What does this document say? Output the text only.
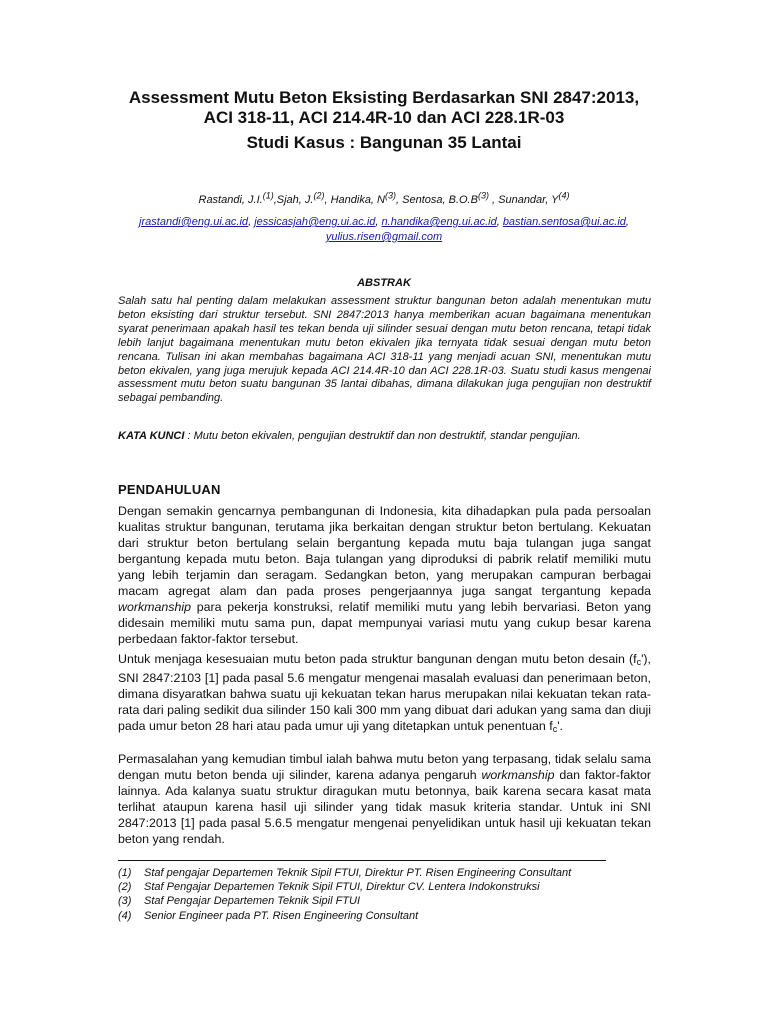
Assessment Mutu Beton Eksisting Berdasarkan SNI 2847:2013,
ACI 318-11, ACI 214.4R-10 dan ACI 228.1R-03
Studi Kasus : Bangunan 35 Lantai
Rastandi, J.I.$^{(1)}$,Sjah, J.$^{(2)}$, Handika, $N^{(3)}$, Sentosa, $B.O.B^{(3)}$ , Sunandar, $Y^{(4)}$
jrastandi@eng.ui.ac.id, jessicasjah@eng.ui.ac.id, n.handika@eng.ui.ac.id, bastian.sentosa@ui.ac.id,
yulius.risen@gmail.com
ABSTRAK
Salah satu hal penting dalam melakukan assessment struktur bangunan beton adalah menentukan mutu beton eksisting dari struktur tersebut. SNI 2847:2013 hanya memberikan acuan bagaimana menentukan syarat penerimaan apakah hasil tes tekan benda uji silinder sesuai dengan mutu beton rencana, tetapi tidak lebih lanjut bagaimana menentukan mutu beton ekivalen jika ternyata tidak sesuai dengan mutu beton rencana. Tulisan ini akan membahas bagaimana ACI 318-11 yang menjadi acuan SNI, menentukan mutu beton ekivalen, yang juga merujuk kepada ACI 214.4R-10 dan ACI 228.1R-03. Suatu studi kasus mengenai assessment mutu beton suatu bangunan 35 lantai dibahas, dimana dilakukan juga pengujian non destruktif sebagai pembanding.
KATA KUNCI : Mutu beton ekivalen, pengujian destruktif dan non destruktif, standar pengujian.
PENDAHULUAN
Dengan semakin gencarnya pembangunan di Indonesia, kita dihadapkan pula pada persoalan kualitas struktur bangunan, terutama jika berkaitan dengan struktur beton bertulang. Kekuatan dari struktur beton bertulang selain bergantung kepada mutu baja tulangan juga sangat bergantung kepada mutu beton. Baja tulangan yang diproduksi di pabrik relatif memiliki mutu yang lebih terjamin dan seragam. Sedangkan beton, yang merupakan campuran berbagai macam agregat alam dan pada proses pengerjaannya juga sangat tergantung kepada workmanship para pekerja konstruksi, relatif memiliki mutu yang lebih bervariasi. Beton yang didesain memiliki mutu sama pun, dapat mempunyai variasi mutu yang cukup besar karena perbedaan faktor-faktor tersebut.
Untuk menjaga kesesuaian mutu beton pada struktur bangunan dengan mutu beton desain (fc'), SNI 2847:2103 [1] pada pasal 5.6 mengatur mengenai masalah evaluasi dan penerimaan beton, dimana disyaratkan bahwa suatu uji kekuatan tekan harus merupakan nilai kekuatan tekan rata-rata dari paling sedikit dua silinder 150 kali 300 mm yang dibuat dari adukan yang sama dan diuji pada umur beton 28 hari atau pada umur uji yang ditetapkan untuk penentuan fc'.
Permasalahan yang kemudian timbul ialah bahwa mutu beton yang terpasang, tidak selalu sama dengan mutu beton benda uji silinder, karena adanya pengaruh workmanship dan faktor-faktor lainnya. Ada kalanya suatu struktur diragukan mutu betonnya, baik karena secara kasat mata terlihat ataupun karena hasil uji silinder yang tidak masuk kriteria standar. Untuk ini SNI 2847:2013 [1] pada pasal 5.6.5 mengatur mengenai penyelidikan untuk hasil uji kekuatan tekan beton yang rendah.
(1)	Staf pengajar Departemen Teknik Sipil FTUI, Direktur PT. Risen Engineering Consultant
(2)	Staf Pengajar Departemen Teknik Sipil FTUI, Direktur CV. Lentera Indokonstruksi
(3)	Staf Pengajar Departemen Teknik Sipil FTUI
(4)	Senior Engineer pada PT. Risen Engineering Consultant
